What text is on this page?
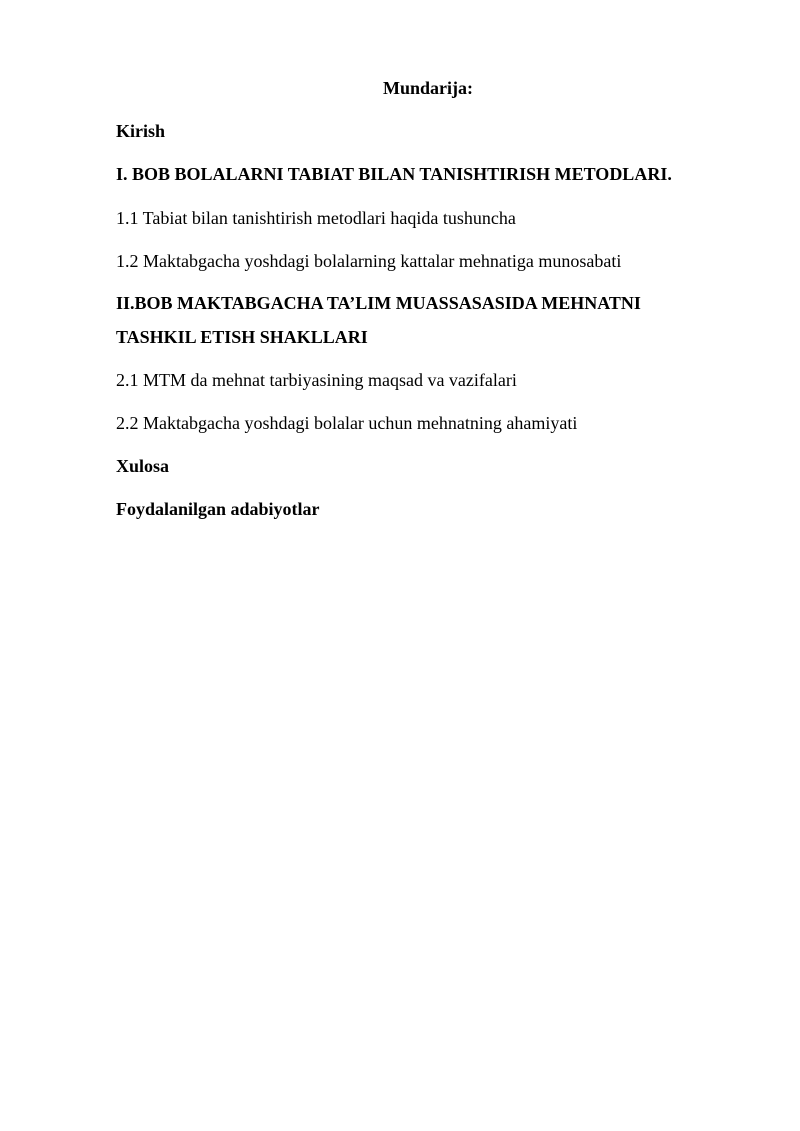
Mundarija:

Kirish

I. BOB BOLALARNI TABIAT BILAN TANISHTIRISH METODLARI.

1.1 Tabiat bilan tanishtirish metodlari haqida tushuncha

1.2 Maktabgacha yoshdagi bolalarning kattalar mehnatiga munosabati

II.BOB MAKTABGACHA TA’LIM MUASSASASIDA MEHNATNI TASHKIL ETISH SHAKLLARI

2.1 MTM da mehnat tarbiyasining maqsad va vazifalari

2.2 Maktabgacha yoshdagi bolalar uchun mehnatning ahamiyati

Xulosa

Foydalanilgan adabiyotlar
